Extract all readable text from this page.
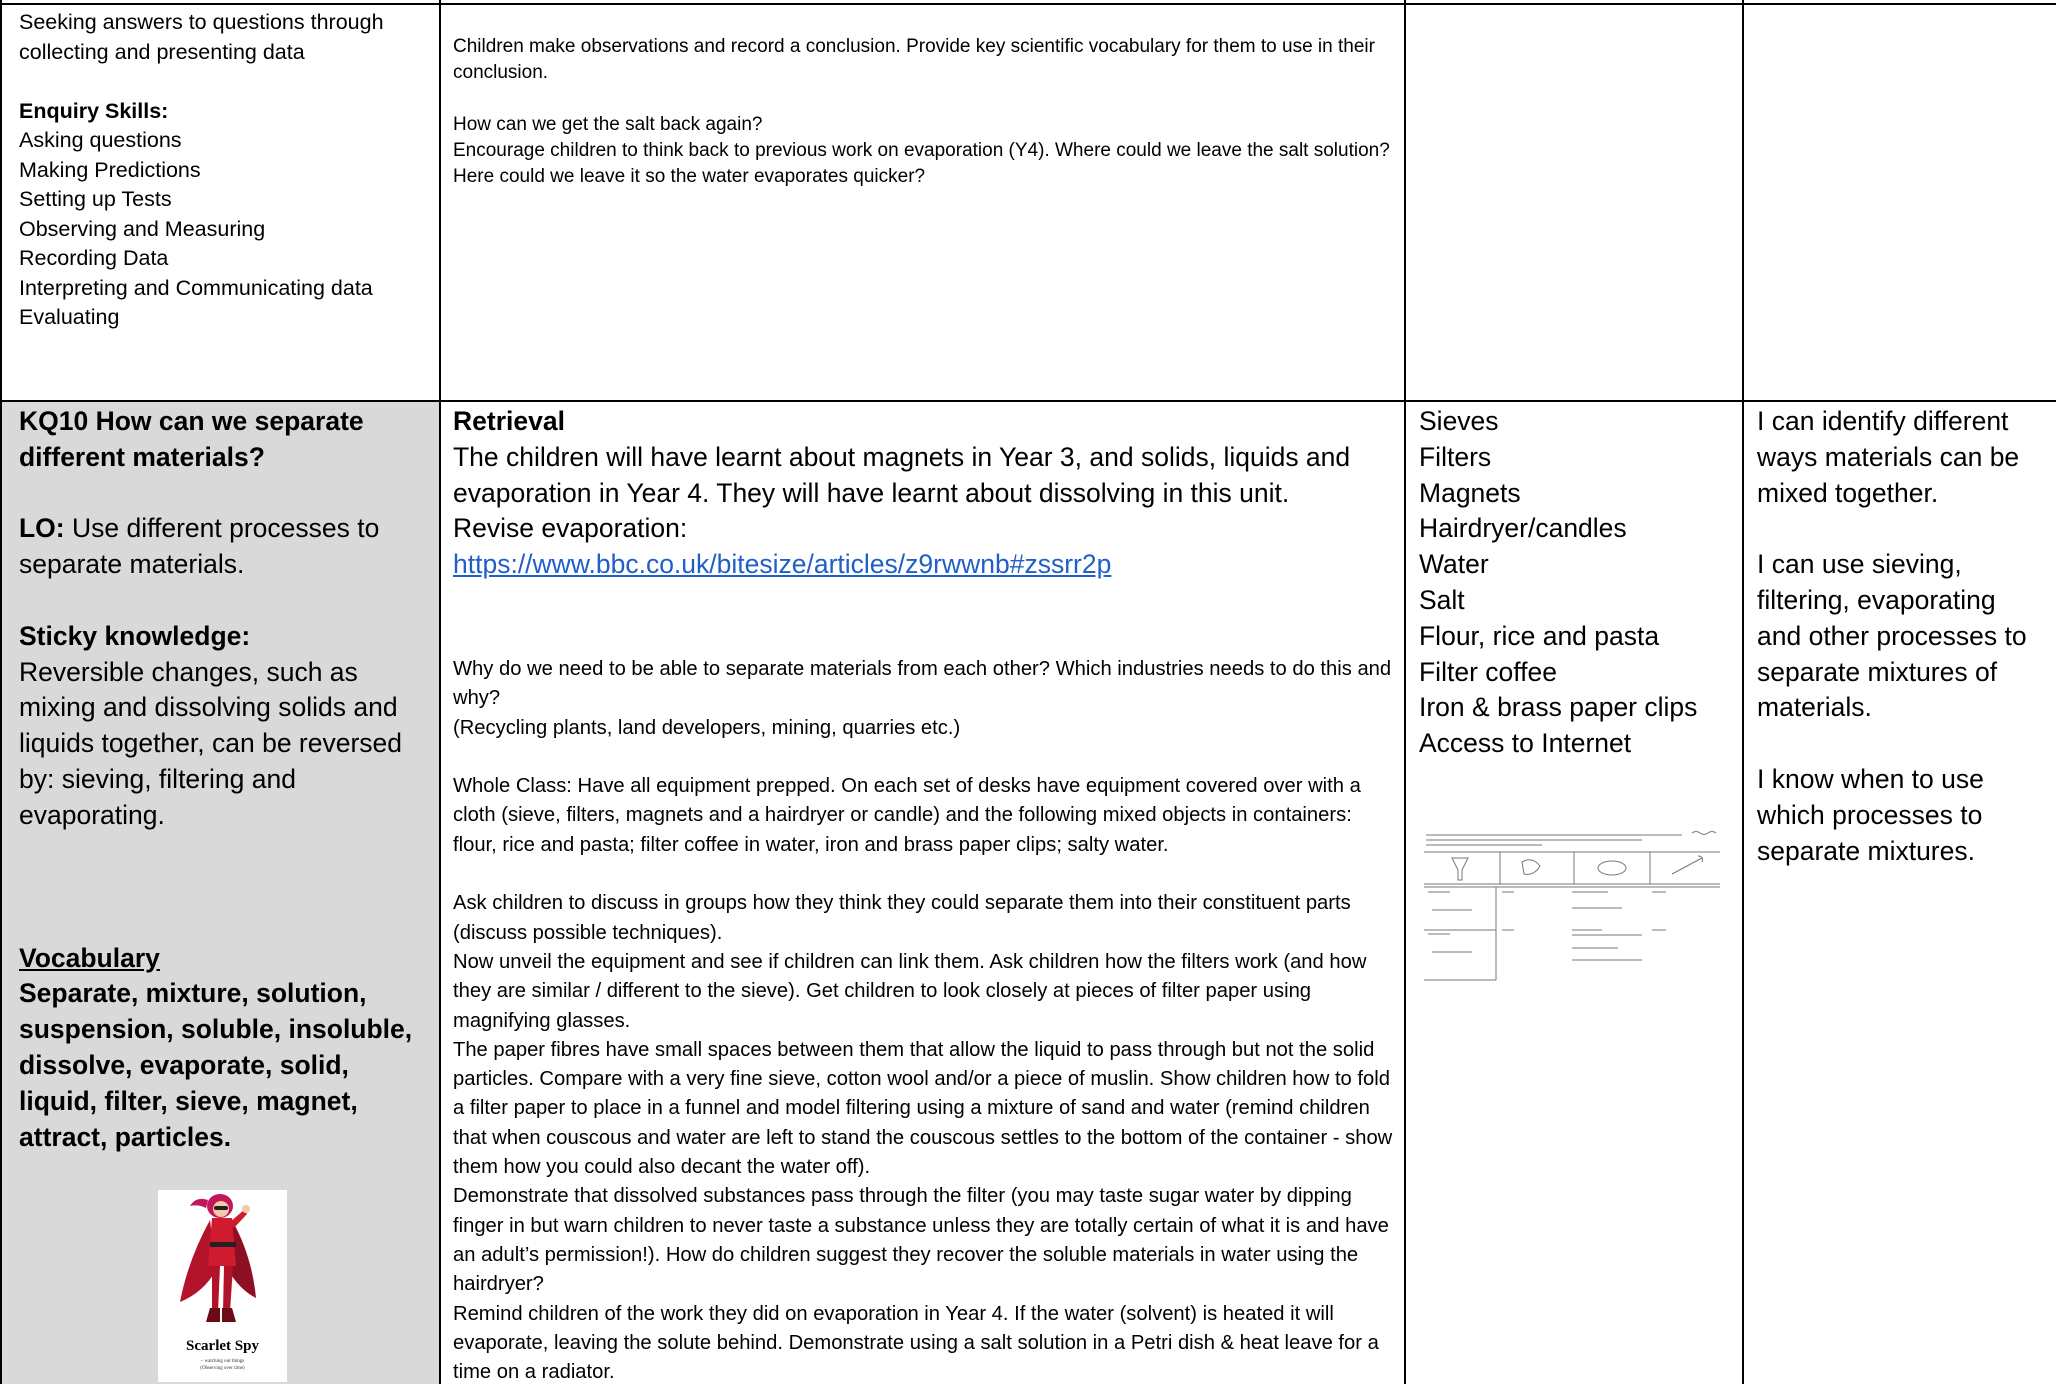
Seeking answers to questions through collecting and presenting data
Enquiry Skills:
Asking questions
Making Predictions
Setting up Tests
Observing and Measuring
Recording Data
Interpreting and Communicating data
Evaluating
Children make observations and record a conclusion. Provide key scientific vocabulary for them to use in their conclusion.
How can we get the salt back again?
Encourage children to think back to previous work on evaporation (Y4). Where could we leave the salt solution? Here could we leave it so the water evaporates quicker?
KQ10 How can we separate different materials?
LO: Use different processes to separate materials.
Sticky knowledge:
Reversible changes, such as mixing and dissolving solids and liquids together, can be reversed by: sieving, filtering and evaporating.
Vocabulary
Separate, mixture, solution, suspension, soluble, insoluble, dissolve, evaporate, solid, liquid, filter, sieve, magnet, attract, particles.
Scarlet Spy
– watching our things
(Observing over time)
Retrieval
The children will have learnt about magnets in Year 3, and solids, liquids and evaporation in Year 4. They will have learnt about dissolving in this unit.
Revise evaporation:
https://www.bbc.co.uk/bitesize/articles/z9rwwnb#zssrr2p
Why do we need to be able to separate materials from each other? Which industries needs to do this and why?
(Recycling plants, land developers, mining, quarries etc.)
Whole Class: Have all equipment prepped. On each set of desks have equipment covered over with a cloth (sieve, filters, magnets and a hairdryer or candle) and the following mixed objects in containers: flour, rice and pasta; filter coffee in water, iron and brass paper clips; salty water.
Ask children to discuss in groups how they think they could separate them into their constituent parts (discuss possible techniques).
Now unveil the equipment and see if children can link them. Ask children how the filters work (and how they are similar / different to the sieve). Get children to look closely at pieces of filter paper using magnifying glasses.
The paper fibres have small spaces between them that allow the liquid to pass through but not the solid particles. Compare with a very fine sieve, cotton wool and/or a piece of muslin. Show children how to fold a filter paper to place in a funnel and model filtering using a mixture of sand and water (remind children that when couscous and water are left to stand the couscous settles to the bottom of the container - show them how you could also decant the water off).
Demonstrate that dissolved substances pass through the filter (you may taste sugar water by dipping finger in but warn children to never taste a substance unless they are totally certain of what it is and have an adult’s permission!). How do children suggest they recover the soluble materials in water using the hairdryer?
Remind children of the work they did on evaporation in Year 4. If the water (solvent) is heated it will evaporate, leaving the solute behind. Demonstrate using a salt solution in a Petri dish & heat leave for a time on a radiator.
Sieves
Filters
Magnets
Hairdryer/candles
Water
Salt
Flour, rice and pasta
Filter coffee
Iron & brass paper clips
Access to Internet
I can identify different ways materials can be mixed together.
I can use sieving, filtering, evaporating and other processes to separate mixtures of materials.
I know when to use which processes to separate mixtures.
